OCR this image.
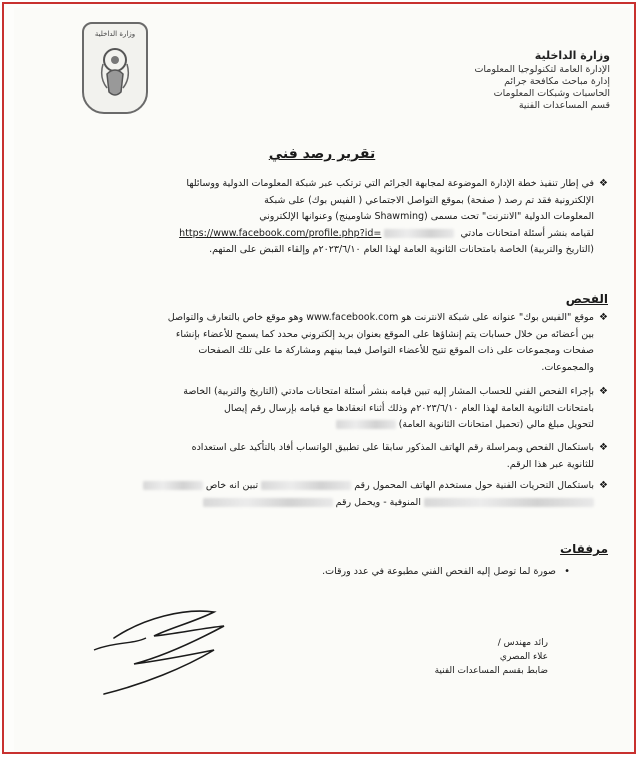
وزارة الداخلية
وزارة الداخلية
الإدارة العامة لتكنولوجيا المعلومات
إدارة مباحث مكافحة جرائم
الحاسبات وشبكات المعلومات
قسم المساعدات الفنية
تقرير رصد فني
❖
في إطار تنفيذ خطة الإدارة الموضوعة لمجابهة الجرائم التي ترتكب عبر شبكة المعلومات الدولية ووسائلها
الإلكترونية فقد تم رصد ( صفحة) بموقع التواصل الاجتماعي ( الفيس بوك) على شبكة
المعلومات الدولية "الانترنت" تحت مسمى (Shawming شاومينج) وعنوانها الإلكتروني
لقيامه بنشر أسئلة امتحانات مادتي   https://www.facebook.com/profile.php?id=
(التاريخ والتربية) الخاصة بامتحانات الثانوية العامة لهذا العام ٢٠٢٣/٦/١٠م وإلقاء القبض على المتهم.
الفحص
❖
موقع "الفيس بوك" عنوانه على شبكة الانترنت هو www.facebook.com وهو موقع خاص بالتعارف والتواصل
بين أعضائه من خلال حسابات يتم إنشاؤها على الموقع بعنوان بريد إلكتروني محدد كما يسمح للأعضاء بإنشاء
صفحات ومجموعات على ذات الموقع تتيح للأعضاء التواصل فيما بينهم ومشاركة ما على تلك الصفحات
والمجموعات.
❖
بإجراء الفحص الفني للحساب المشار إليه تبين قيامه بنشر أسئلة امتحانات مادتي (التاريخ والتربية) الخاصة
بامتحانات الثانوية العامة لهذا العام ٢٠٢٣/٦/١٠م وذلك أثناء انعقادها مع قيامه بإرسال رقم إيصال
لتحويل مبلغ مالي (تحميل امتحانات الثانوية العامة)
❖
باستكمال الفحص وبمراسلة رقم الهاتف المذكور سابقا على تطبيق الواتساب أفاد بالتأكيد على استعداده
للثانوية عبر هذا الرقم.
❖
باستكمال التحريات الفنية حول مستخدم الهاتف المحمول رقم  تبين انه خاص
المنوفية - ويحمل رقم
مرفقات
•
صورة لما توصل إليه الفحص الفني مطبوعة في عدد ورقات.
رائد مهندس /
علاء المصري
ضابط بقسم المساعدات الفنية
